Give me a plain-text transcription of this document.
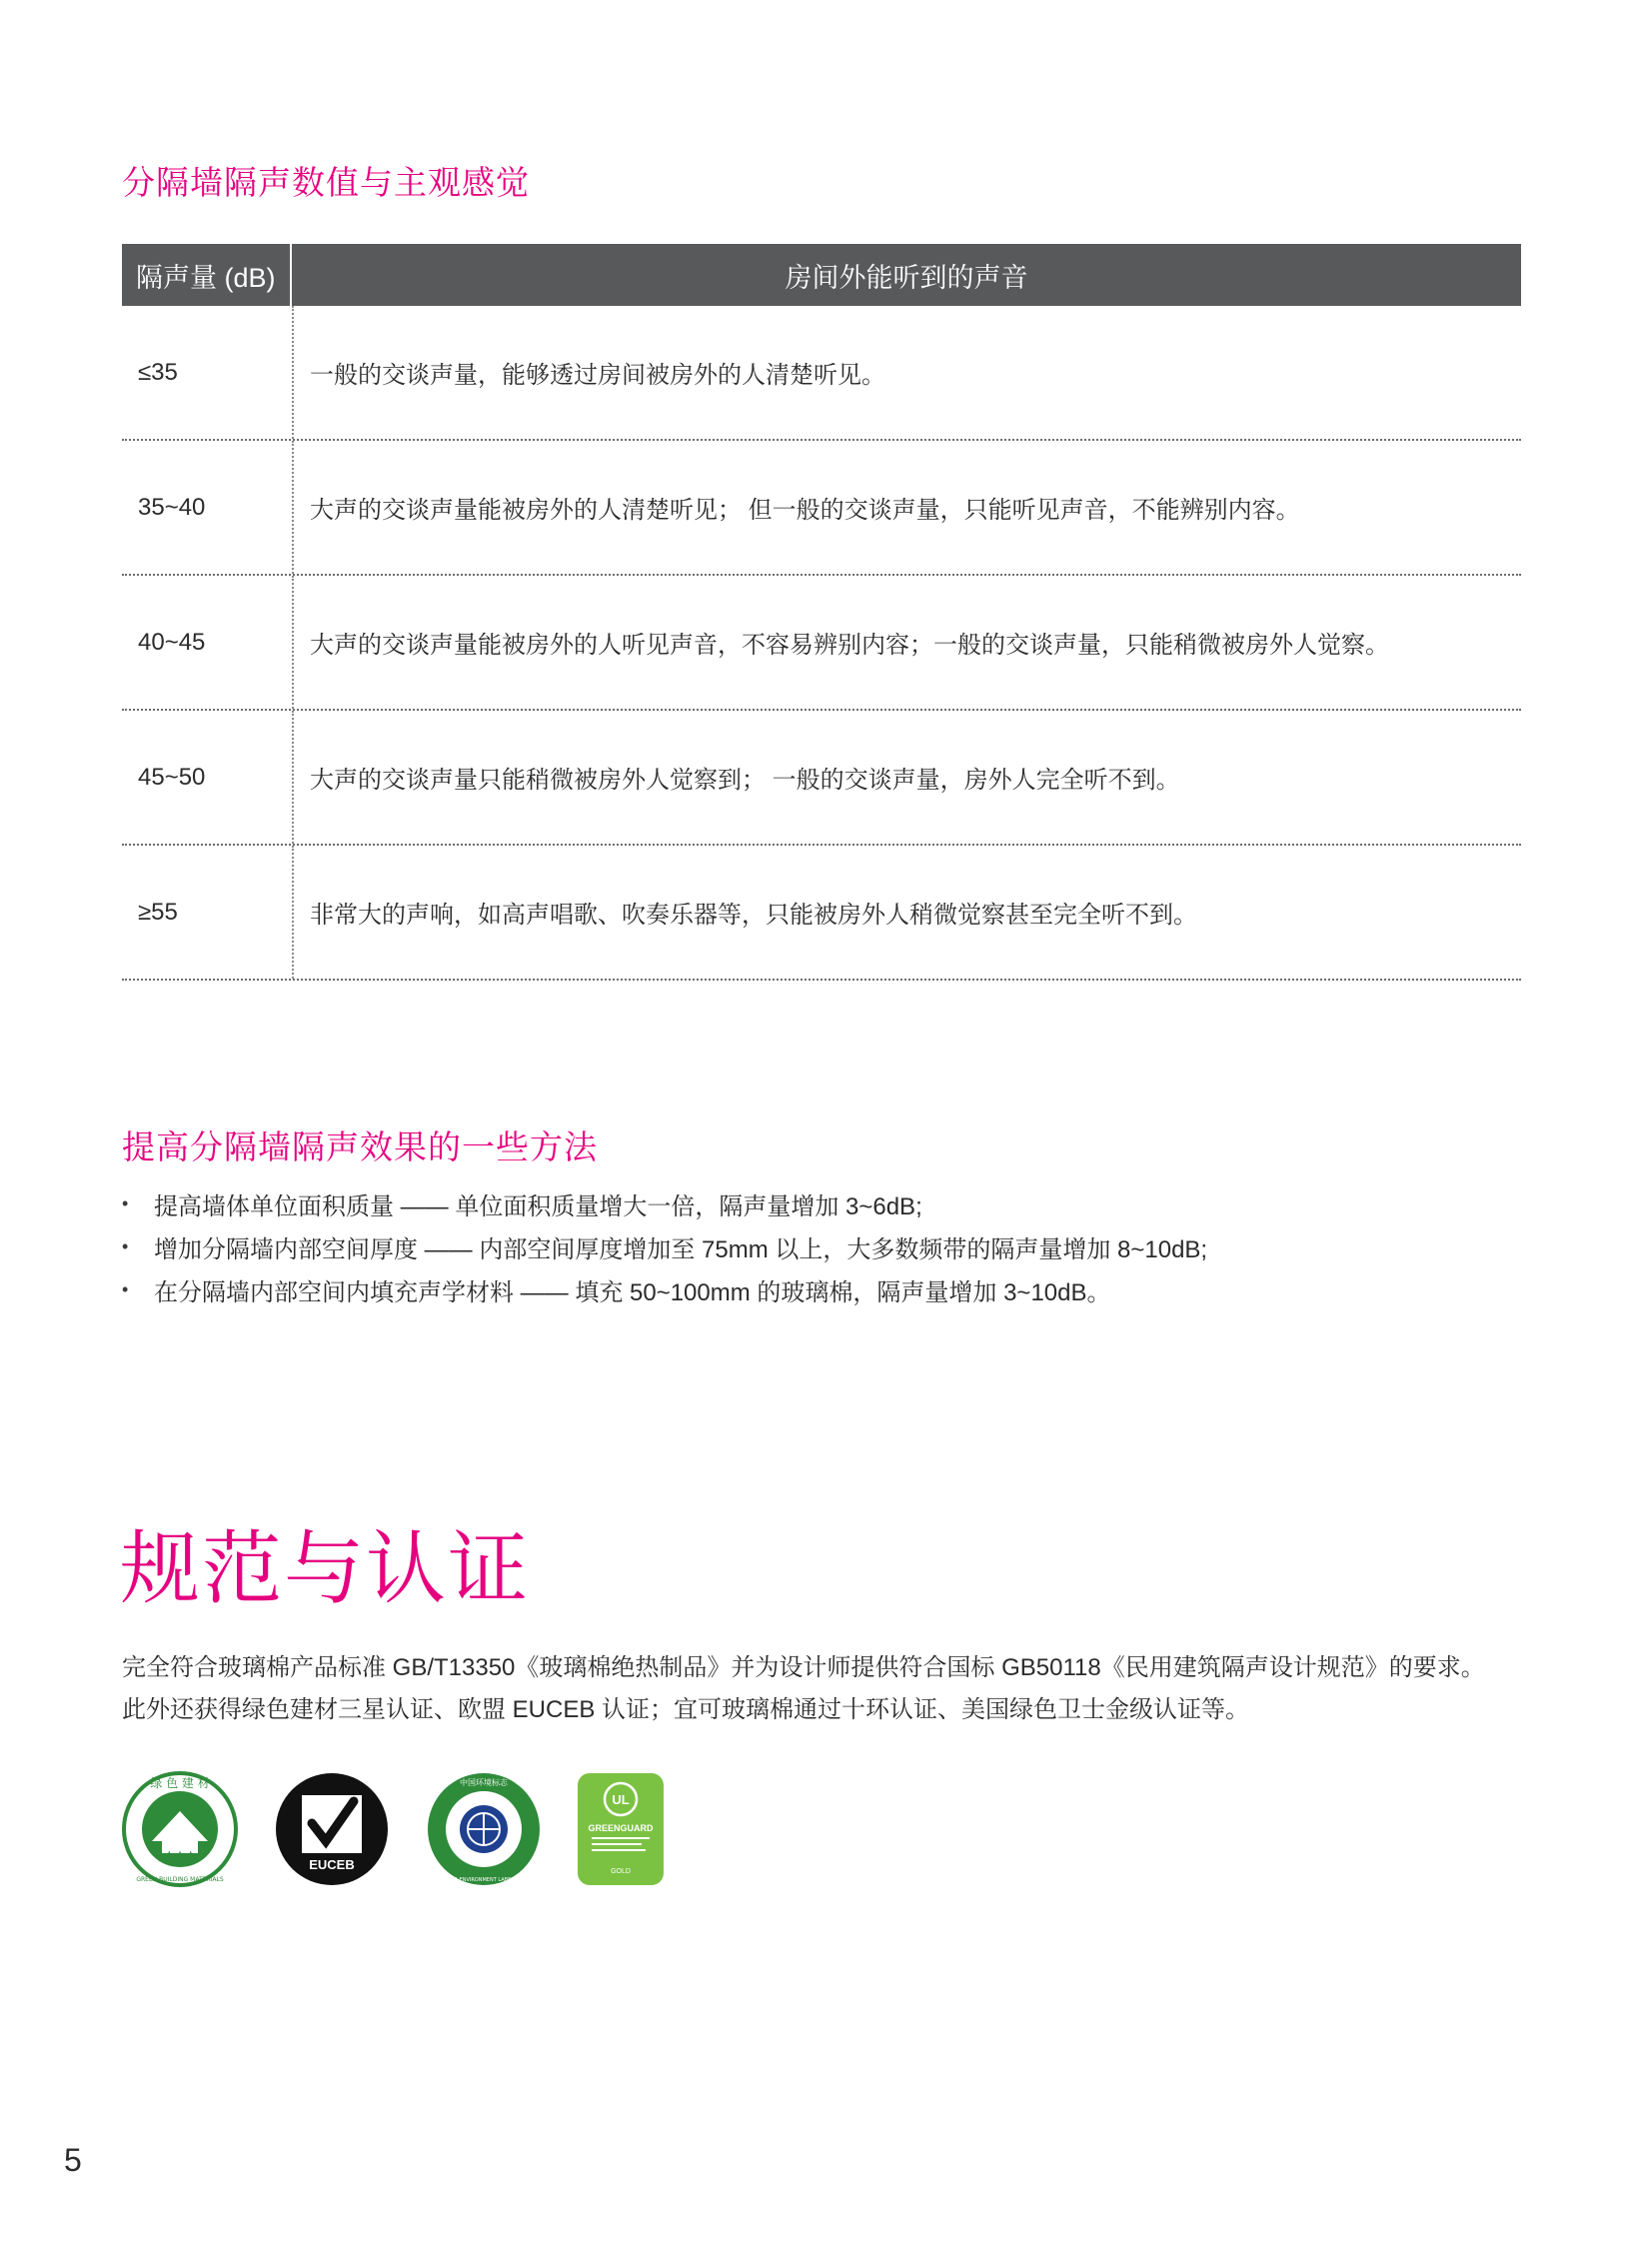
分隔墙隔声数值与主观感觉
隔声量 (dB)	房间外能听到的声音
≤35	一般的交谈声量，能够透过房间被房外的人清楚听见。
35~40	大声的交谈声量能被房外的人清楚听见； 但一般的交谈声量，只能听见声音，不能辨别内容。
40~45	大声的交谈声量能被房外的人听见声音，不容易辨别内容；一般的交谈声量，只能稍微被房外人觉察。
45~50	大声的交谈声量只能稍微被房外人觉察到； 一般的交谈声量，房外人完全听不到。
≥55	非常大的声响，如高声唱歌、吹奏乐器等，只能被房外人稍微觉察甚至完全听不到。
提高分隔墙隔声效果的一些方法
•	提高墙体单位面积质量 —— 单位面积质量增大一倍，隔声量增加 3~6dB;
•	增加分隔墙内部空间厚度 —— 内部空间厚度增加至 75mm 以上，大多数频带的隔声量增加 8~10dB;
•	在分隔墙内部空间内填充声学材料 —— 填充 50~100mm 的玻璃棉，隔声量增加 3~10dB。
规范与认证
完全符合玻璃棉产品标准 GB/T13350《玻璃棉绝热制品》并为设计师提供符合国标 GB50118《民用建筑隔声设计规范》的要求。
此外还获得绿色建材三星认证、欧盟 EUCEB 认证；宜可玻璃棉通过十环认证、美国绿色卫士金级认证等。
★★★
绿 色 建 材
GREEN BUILDING MATERIALS
EUCEB
中国环境标志
CHINA ENVIRONMENT LABELLING
UL
GREENGUARD
GOLD
5
